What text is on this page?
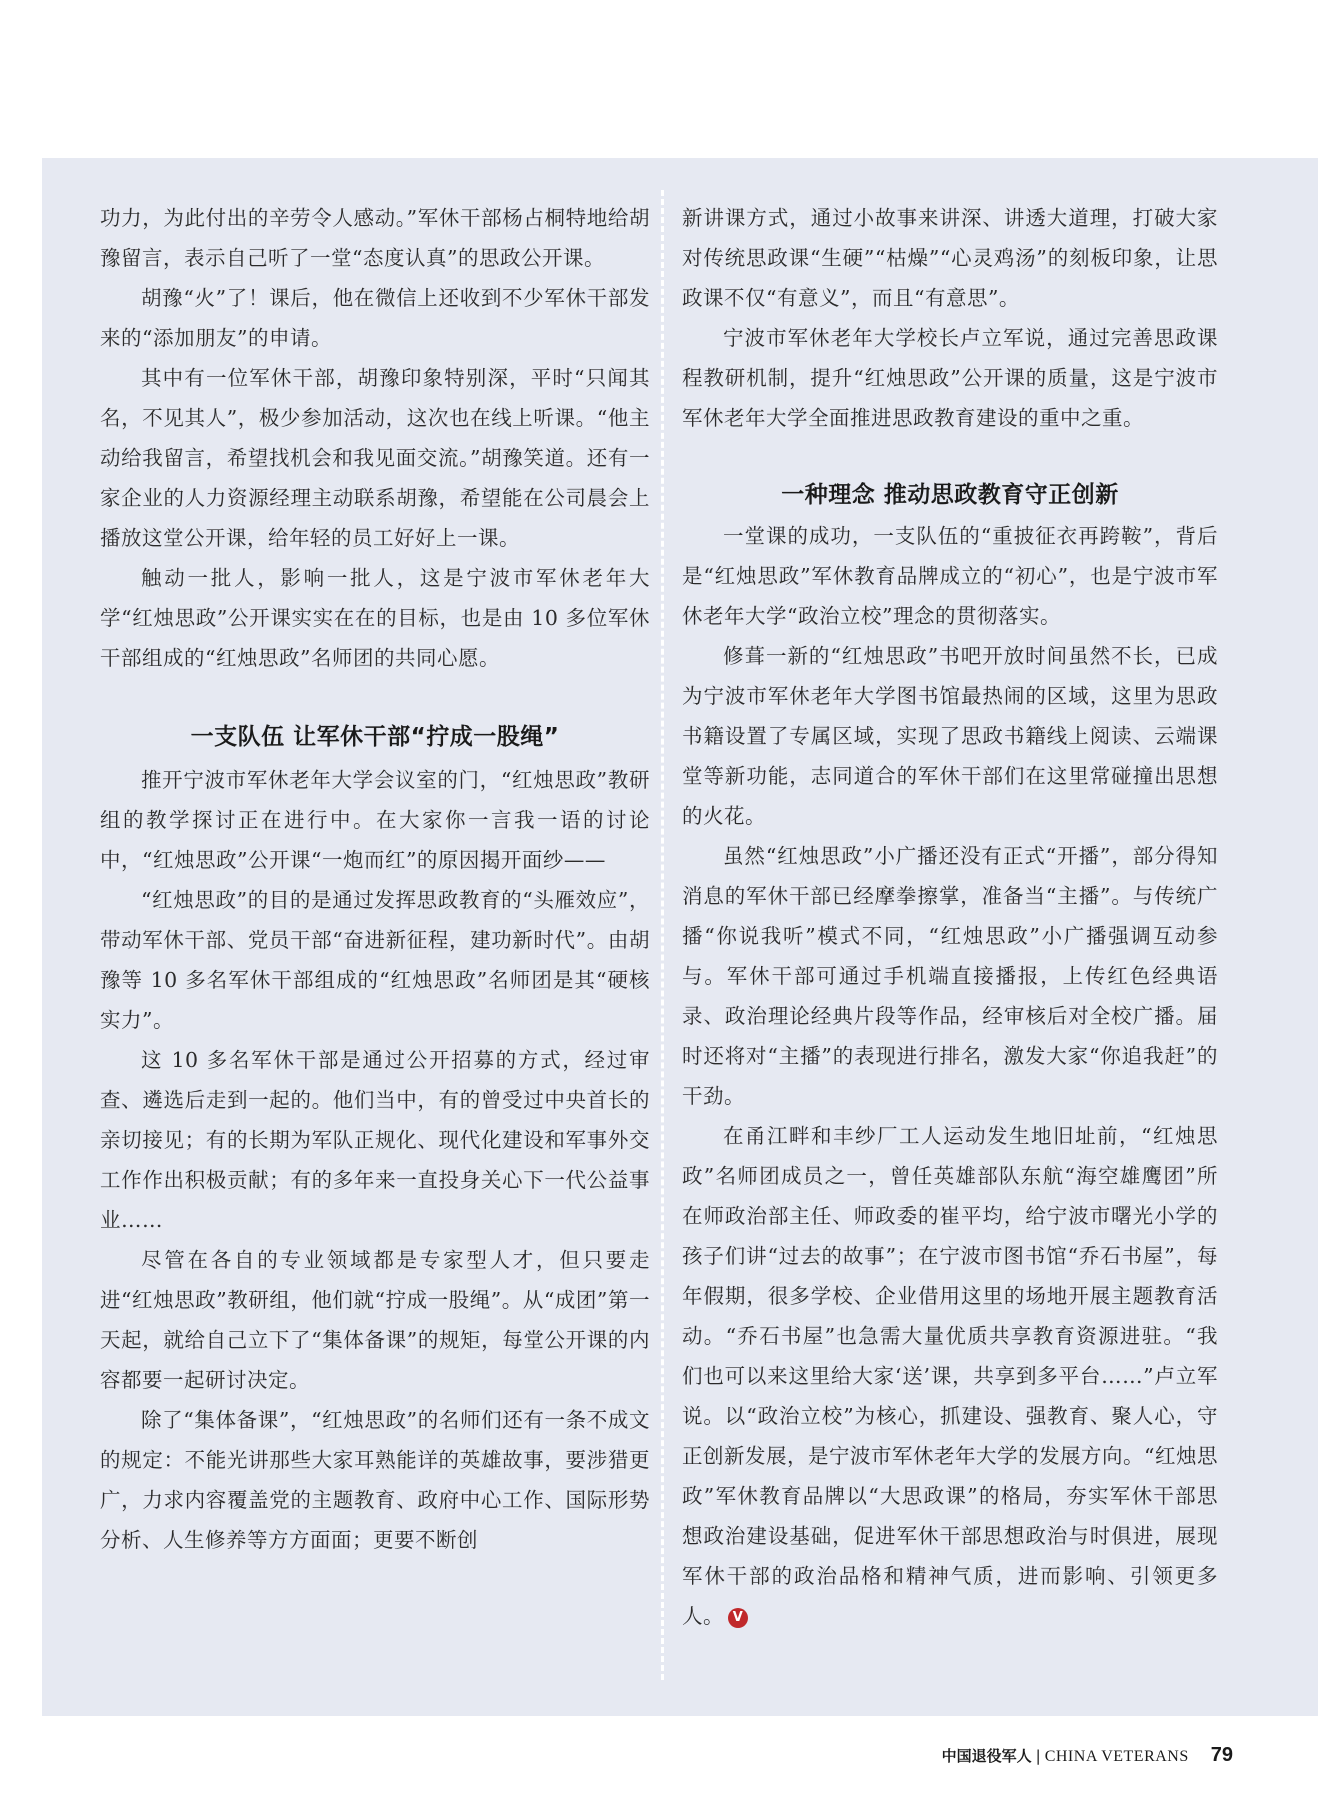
功力，为此付出的辛劳令人感动。”军休干部杨占桐特地给胡豫留言，表示自己听了一堂“态度认真”的思政公开课。

胡豫“火”了！课后，他在微信上还收到不少军休干部发来的“添加朋友”的申请。

其中有一位军休干部，胡豫印象特别深，平时“只闻其名，不见其人”，极少参加活动，这次也在线上听课。“他主动给我留言，希望找机会和我见面交流。”胡豫笑道。还有一家企业的人力资源经理主动联系胡豫，希望能在公司晨会上播放这堂公开课，给年轻的员工好好上一课。

触动一批人，影响一批人，这是宁波市军休老年大学“红烛思政”公开课实实在在的目标，也是由 10 多位军休干部组成的“红烛思政”名师团的共同心愿。

一支队伍 让军休干部“拧成一股绳”

推开宁波市军休老年大学会议室的门，“红烛思政”教研组的教学探讨正在进行中。在大家你一言我一语的讨论中，“红烛思政”公开课“一炮而红”的原因揭开面纱——

“红烛思政”的目的是通过发挥思政教育的“头雁效应”，带动军休干部、党员干部“奋进新征程，建功新时代”。由胡豫等 10 多名军休干部组成的“红烛思政”名师团是其“硬核实力”。

这 10 多名军休干部是通过公开招募的方式，经过审查、遴选后走到一起的。他们当中，有的曾受过中央首长的亲切接见；有的长期为军队正规化、现代化建设和军事外交工作作出积极贡献；有的多年来一直投身关心下一代公益事业……

尽管在各自的专业领域都是专家型人才，但只要走进“红烛思政”教研组，他们就“拧成一股绳”。从“成团”第一天起，就给自己立下了“集体备课”的规矩，每堂公开课的内容都要一起研讨决定。

除了“集体备课”，“红烛思政”的名师们还有一条不成文的规定：不能光讲那些大家耳熟能详的英雄故事，要涉猎更广，力求内容覆盖党的主题教育、政府中心工作、国际形势分析、人生修养等方方面面；更要不断创

新讲课方式，通过小故事来讲深、讲透大道理，打破大家对传统思政课“生硬”“枯燥”“心灵鸡汤”的刻板印象，让思政课不仅“有意义”，而且“有意思”。

宁波市军休老年大学校长卢立军说，通过完善思政课程教研机制，提升“红烛思政”公开课的质量，这是宁波市军休老年大学全面推进思政教育建设的重中之重。

一种理念 推动思政教育守正创新

一堂课的成功，一支队伍的“重披征衣再跨鞍”，背后是“红烛思政”军休教育品牌成立的“初心”，也是宁波市军休老年大学“政治立校”理念的贯彻落实。

修葺一新的“红烛思政”书吧开放时间虽然不长，已成为宁波市军休老年大学图书馆最热闹的区域，这里为思政书籍设置了专属区域，实现了思政书籍线上阅读、云端课堂等新功能，志同道合的军休干部们在这里常碰撞出思想的火花。

虽然“红烛思政”小广播还没有正式“开播”，部分得知消息的军休干部已经摩拳擦掌，准备当“主播”。与传统广播“你说我听”模式不同，“红烛思政”小广播强调互动参与。军休干部可通过手机端直接播报，上传红色经典语录、政治理论经典片段等作品，经审核后对全校广播。届时还将对“主播”的表现进行排名，激发大家“你追我赶”的干劲。

在甬江畔和丰纱厂工人运动发生地旧址前，“红烛思政”名师团成员之一，曾任英雄部队东航“海空雄鹰团”所在师政治部主任、师政委的崔平均，给宁波市曙光小学的孩子们讲“过去的故事”；在宁波市图书馆“乔石书屋”，每年假期，很多学校、企业借用这里的场地开展主题教育活动。“乔石书屋”也急需大量优质共享教育资源进驻。“我们也可以来这里给大家‘送’课，共享到多平台……”卢立军说。以“政治立校”为核心，抓建设、强教育、聚人心，守正创新发展，是宁波市军休老年大学的发展方向。“红烛思政”军休教育品牌以“大思政课”的格局，夯实军休干部思想政治建设基础，促进军休干部思想政治与时俱进，展现军休干部的政治品格和精神气质，进而影响、引领更多人。 V

中国退役军人 | CHINA VETERANS 79
